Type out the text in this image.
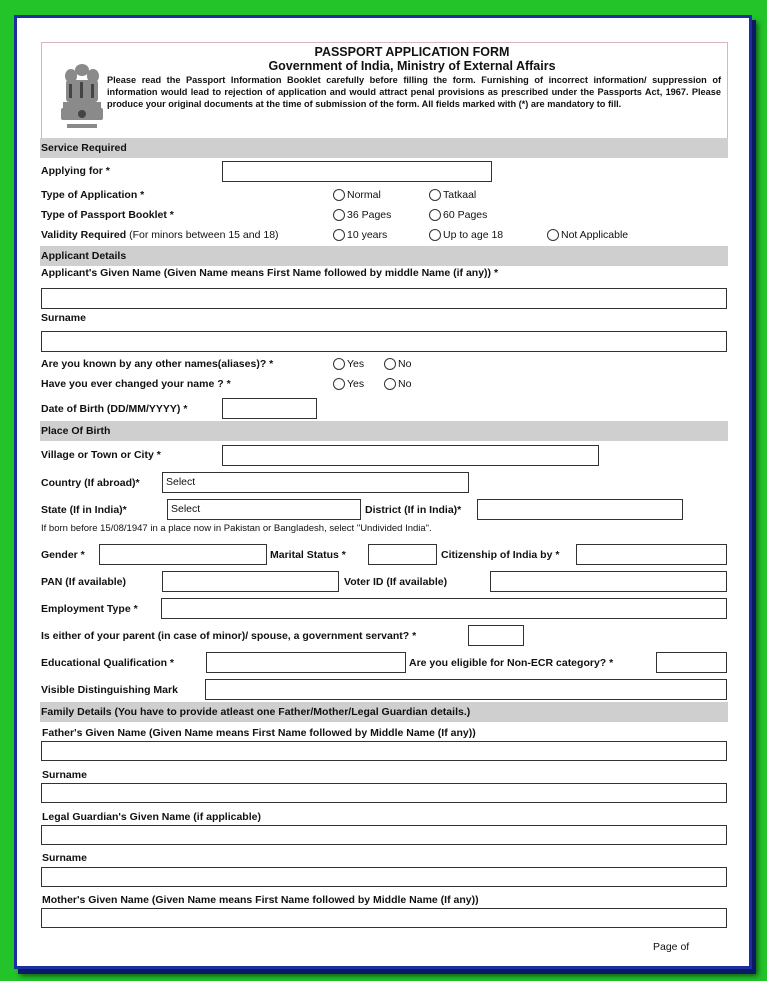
PASSPORT APPLICATION FORM
Government of India, Ministry of External Affairs
Please read the Passport Information Booklet carefully before filling the form. Furnishing of incorrect information/ suppression of information would lead to rejection of application and would attract penal provisions as prescribed under the Passports Act, 1967. Please produce your original documents at the time of submission of the form. All fields marked with (*) are mandatory to fill.
Service Required
Applying for *
Type of Application *	Normal	Tatkaal
Type of Passport Booklet *	36 Pages	60 Pages
Validity Required (For minors between 15 and 18)	10 years	Up to age 18	Not Applicable
Applicant Details
Applicant's Given Name (Given Name means First Name followed by middle Name (if any)) *
Surname
Are you known by any other names(aliases)? *	Yes	No
Have you ever changed your name ? *	Yes	No
Date of Birth (DD/MM/YYYY) *
Place Of Birth
Village or Town or City *
Country (If abroad)*	Select
State (If in India)*	Select	District (If in India)*
If born before 15/08/1947 in a place now in Pakistan or Bangladesh, select "Undivided India".
Gender *	Marital Status *	Citizenship of India by *
PAN (If available)	Voter ID (If available)
Employment Type *
Is either of your parent (in case of minor)/ spouse, a government servant? *
Educational Qualification *	Are you eligible for Non-ECR category? *
Visible Distinguishing Mark
Family Details (You have to provide atleast one Father/Mother/Legal Guardian details.)
Father's Given Name (Given Name means First Name followed by Middle Name (If any))
Surname
Legal Guardian's Given Name (if applicable)
Surname
Mother's Given Name (Given Name means First Name followed by Middle Name (If any))
Page of
